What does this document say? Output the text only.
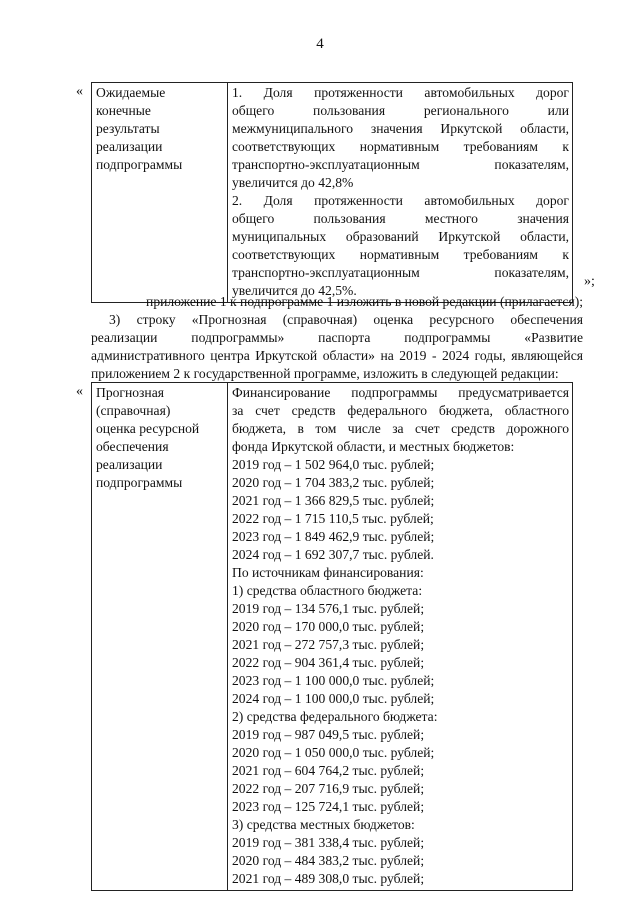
4
« Ожидаемые
конечные
результаты
реализации
подпрограммы

1. Доля протяженности автомобильных дорог
общего пользования регионального или
межмуниципального значения Иркутской области,
соответствующих нормативным требованиям к
транспортно-эксплуатационным показателям,
увеличится до 42,8%
2. Доля протяженности автомобильных дорог
общего пользования местного значения
муниципальных образований Иркутской области,
соответствующих нормативным требованиям к
транспортно-эксплуатационным показателям,
увеличится до 42,5%.
»;
приложение 1 к подпрограмме 1 изложить в новой редакции (прилагается);
3) строку «Прогнозная (справочная) оценка ресурсного обеспечения
реализации подпрограммы» паспорта подпрограммы «Развитие
административного центра Иркутской области» на 2019 - 2024 годы, являющейся
приложением 2 к государственной программе, изложить в следующей редакции:
« Прогнозная
(справочная)
оценка ресурсной
обеспечения
реализации
подпрограммы

Финансирование подпрограммы предусматривается
за счет средств федерального бюджета, областного
бюджета, в том числе за счет средств дорожного
фонда Иркутской области, и местных бюджетов:
2019 год – 1 502 964,0 тыс. рублей;
2020 год – 1 704 383,2 тыс. рублей;
2021 год – 1 366 829,5 тыс. рублей;
2022 год – 1 715 110,5 тыс. рублей;
2023 год – 1 849 462,9 тыс. рублей;
2024 год – 1 692 307,7 тыс. рублей.
По источникам финансирования:
1) средства областного бюджета:
2019 год – 134 576,1 тыс. рублей;
2020 год – 170 000,0 тыс. рублей;
2021 год – 272 757,3 тыс. рублей;
2022 год – 904 361,4 тыс. рублей;
2023 год – 1 100 000,0 тыс. рублей;
2024 год – 1 100 000,0 тыс. рублей;
2) средства федерального бюджета:
2019 год – 987 049,5 тыс. рублей;
2020 год – 1 050 000,0 тыс. рублей;
2021 год – 604 764,2 тыс. рублей;
2022 год – 207 716,9 тыс. рублей;
2023 год – 125 724,1 тыс. рублей;
3) средства местных бюджетов:
2019 год – 381 338,4 тыс. рублей;
2020 год – 484 383,2 тыс. рублей;
2021 год – 489 308,0 тыс. рублей;
